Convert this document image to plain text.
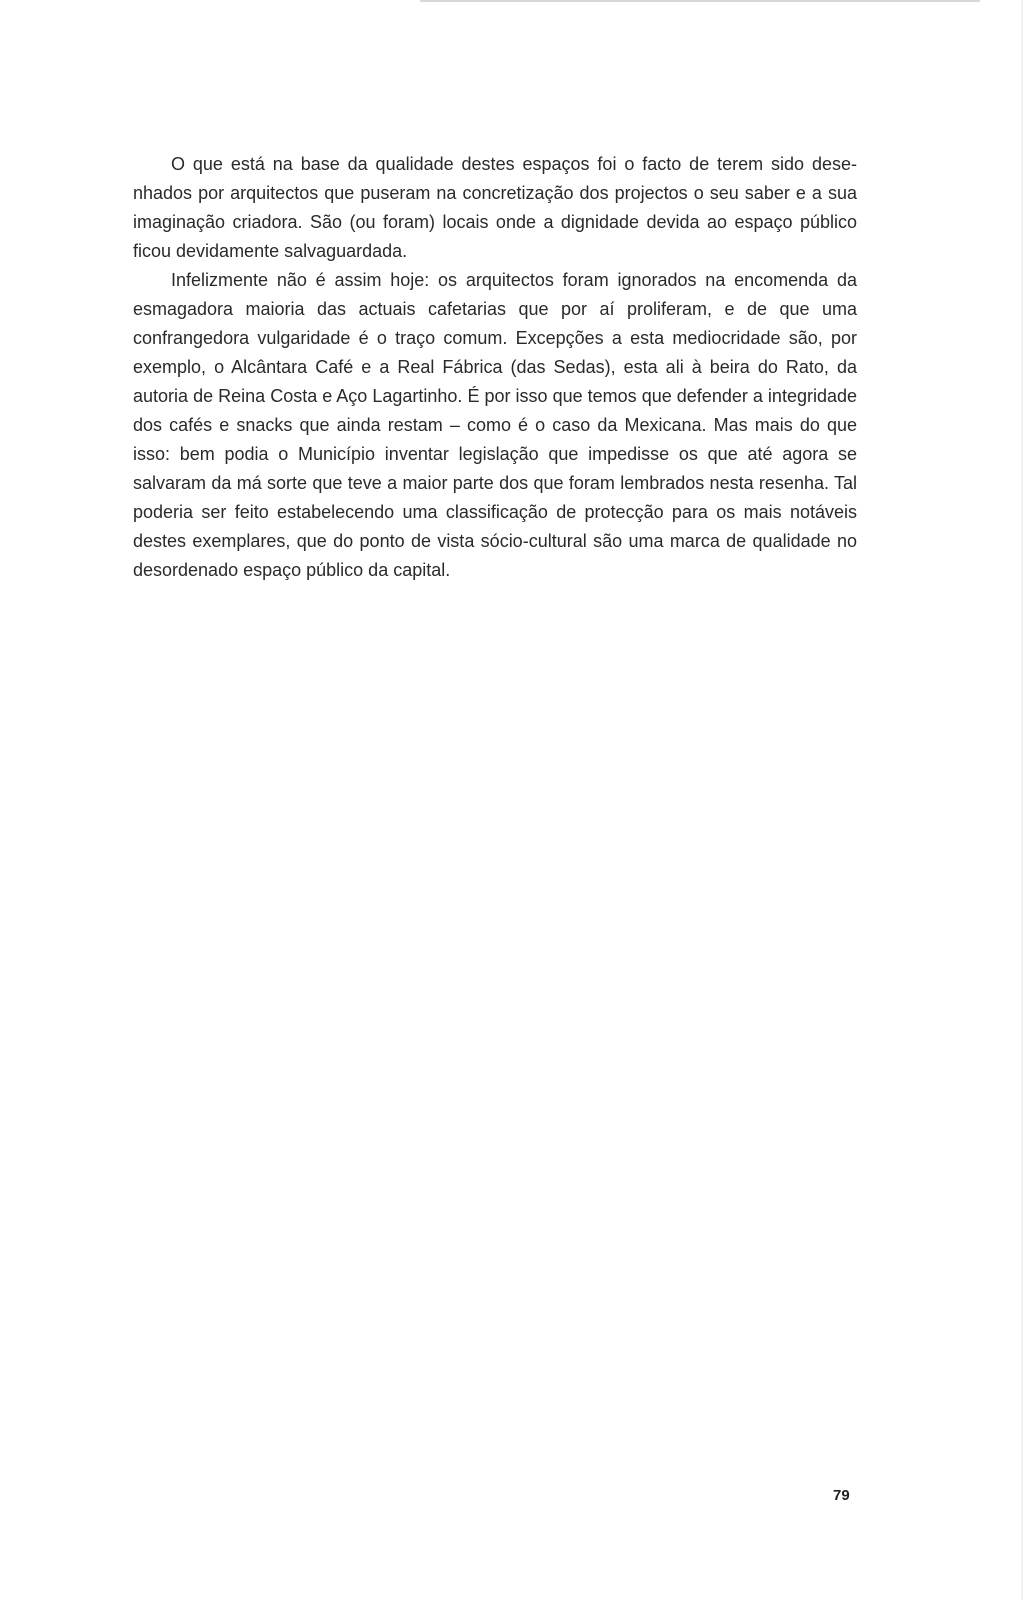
O que está na base da qualidade destes espaços foi o facto de terem sido desenhados por arquitectos que puseram na concretização dos projectos o seu saber e a sua imaginação criadora. São (ou foram) locais onde a dignidade devida ao espaço público ficou devidamente salvaguardada.

Infelizmente não é assim hoje: os arquitectos foram ignorados na encomenda da esmagadora maioria das actuais cafetarias que por aí proliferam, e de que uma confrangedora vulgaridade é o traço comum. Excepções a esta mediocridade são, por exemplo, o Alcântara Café e a Real Fábrica (das Sedas), esta ali à beira do Rato, da autoria de Reina Costa e Aço Lagartinho. É por isso que temos que defender a integridade dos cafés e snacks que ainda restam – como é o caso da Mexicana. Mas mais do que isso: bem podia o Município inventar legislação que impedisse os que até agora se salvaram da má sorte que teve a maior parte dos que foram lembrados nesta resenha. Tal poderia ser feito estabelecendo uma classificação de protecção para os mais notáveis destes exemplares, que do ponto de vista sócio-cultural são uma marca de qualidade no desordenado espaço público da capital.

79
